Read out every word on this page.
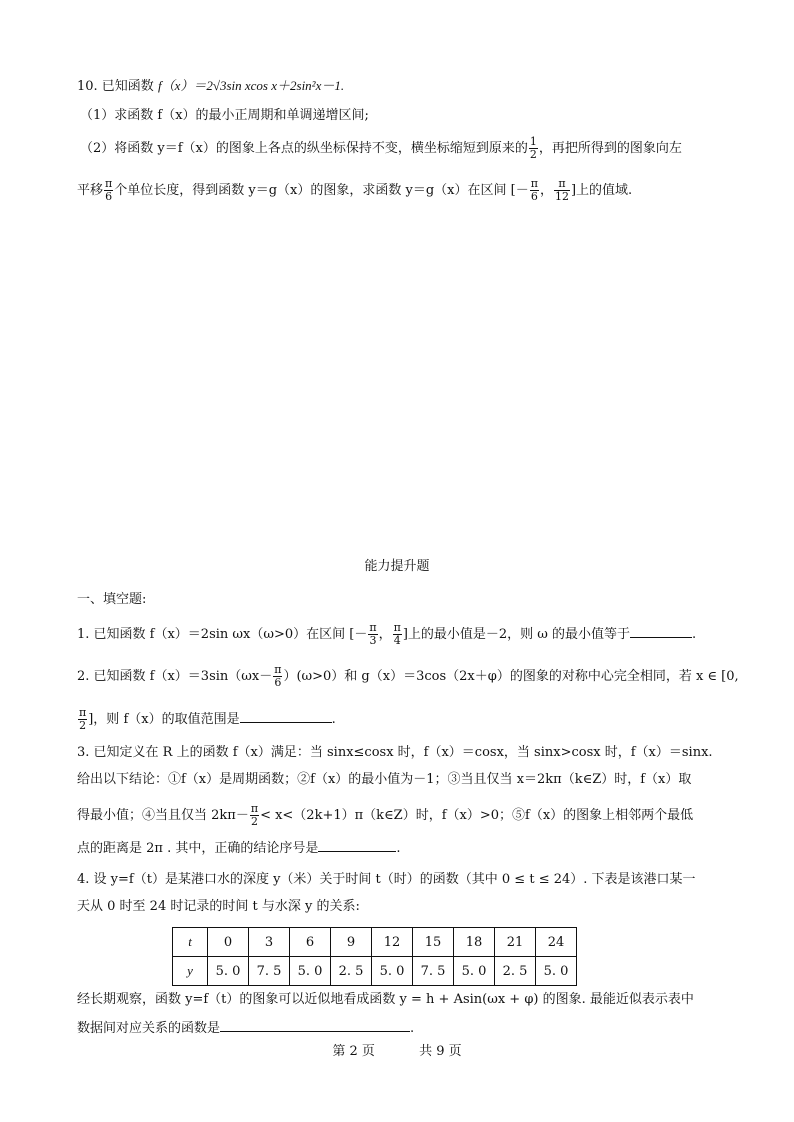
10. 已知函数 f（x）＝2√3sin xcos x＋2sin²x－1.
（1）求函数 f（x）的最小正周期和单调递增区间;
（2）将函数 y＝f（x）的图象上各点的纵坐标保持不变，横坐标缩短到原来的 $\frac{1}{2}$ ，再把所得到的图象向左
平移 $\frac{\pi}{6}$ 个单位长度，得到函数 y＝g（x）的图象，求函数 y＝g（x）在区间 [－ $\frac{\pi}{6}$ ， $\frac{\pi}{12}$ ]上的值域.
能力提升题
一、填空题:
1. 已知函数 f（x）＝2sin ωx（ω>0）在区间 [－ $\frac{\pi}{3}$ ， $\frac{\pi}{4}$ ]上的最小值是－2，则 ω 的最小值等于	.
2. 已知函数 $f(x)=3\sin(\omega x- \frac{\pi}{6} )(\omega>0)$和 g（x）＝3cos（2x＋φ）的图象的对称中心完全相同，若 x ∈ [0,
$\frac{\pi}{2}$ ]，则 f（x）的取值范围是	.
3. 已知定义在 R 上的函数 f（x）满足：当 sinx≤cosx 时，f（x）＝cosx，当 sinx>cosx 时，f（x）＝sinx.
给出以下结论：①f（x）是周期函数；②f（x）的最小值为－1；③当且仅当 x＝2kπ（k∈Z）时，f（x）取
得最小值；④当且仅当 $2k\pi- \frac{\pi}{2}$ < x<（2k+1）π（k∈Z）时，f（x）>0；⑤f（x）的图象上相邻两个最低
点的距离是 2π . 其中，正确的结论序号是	.
4. 设 y=f（t）是某港口水的深度 y（米）关于时间 t（时）的函数（其中 0 ≤ t ≤ 24）. 下表是该港口某一
天从 0 时至 24 时记录的时间 t 与水深 y 的关系:
t	0	3	6	9	12	15	18	21	24
y	5. 0	7. 5	5. 0	2. 5	5. 0	7. 5	5. 0	2. 5	5. 0
经长期观察，函数 y=f（t）的图象可以近似地看成函数 y = h + Asin(ωx + φ) 的图象. 最能近似表示表中
数据间对应关系的函数是	.
第 2 页	共 9 页
